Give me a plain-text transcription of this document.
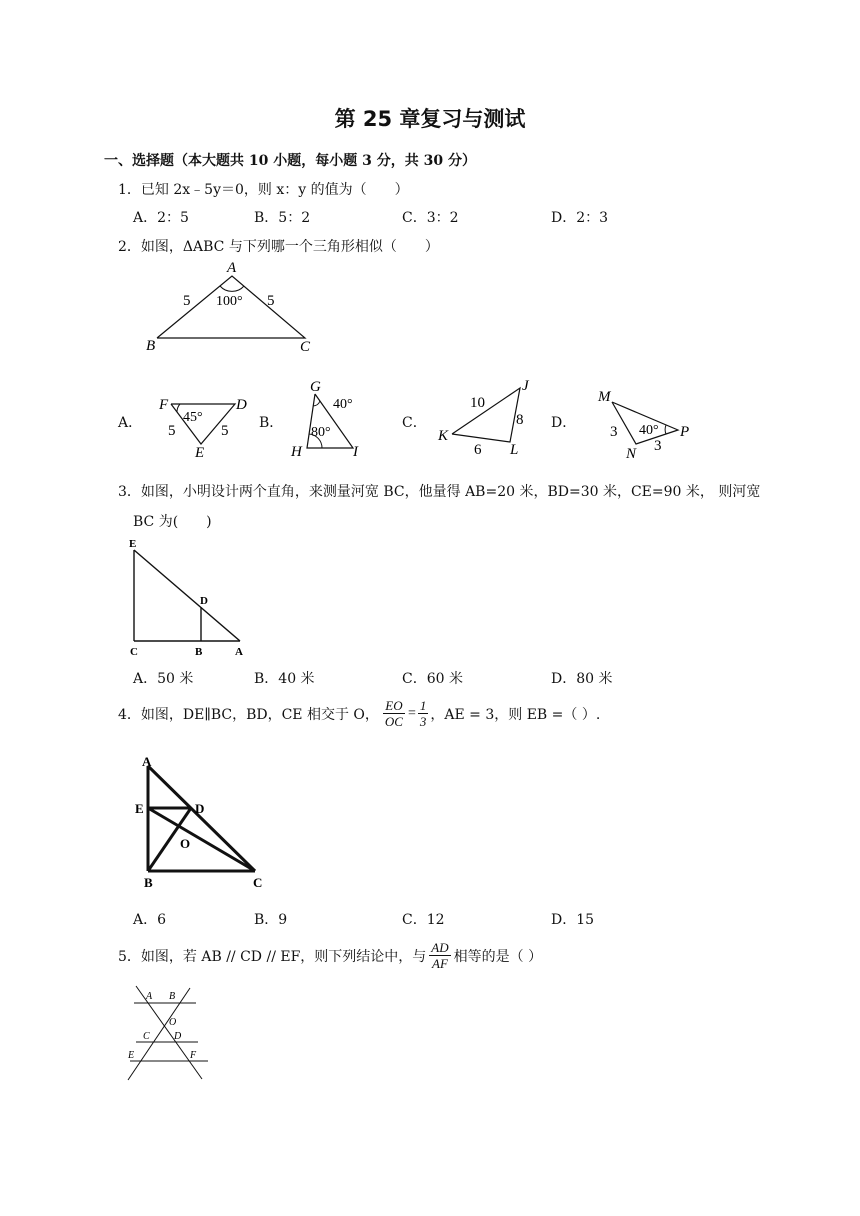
第 25 章复习与测试
一、选择题（本大题共 10 小题，每小题 3 分，共 30 分）
1．已知 2x﹣5y＝0，则 x：y 的值为（　　）
A．2：5	B．5：2	C．3：2	D．2：3
2．如图，ΔABC 与下列哪一个三角形相似（　　）
A
B	C
5	5
100°
A．
F	D
E
45°
5	5 B．
G
H	I
40°
80°
C．
K
J
L
10
8
6
D．
M
N
P
3
3
40°
3．如图，小明设计两个直角，来测量河宽 BC，他量得 AB=20 米，BD=30 米，CE=90 米， 则河宽
BC 为(　　)
E
D
C	B	A
A．50 米	B．40 米	C．60 米	D．80 米
4．如图，DE∥BC，BD，CE 相交于 O， $\frac{EO}{OC} = \frac{1}{3}$ ，AE = 3，则 EB =（ ）.
A
E	D
O
B	C
A．6	B．9	C．12	D．15
5．如图，若 AB // CD // EF，则下列结论中，与 $\frac{AD}{AF}$ 相等的是（ ）
A B
O
C D
E	F
